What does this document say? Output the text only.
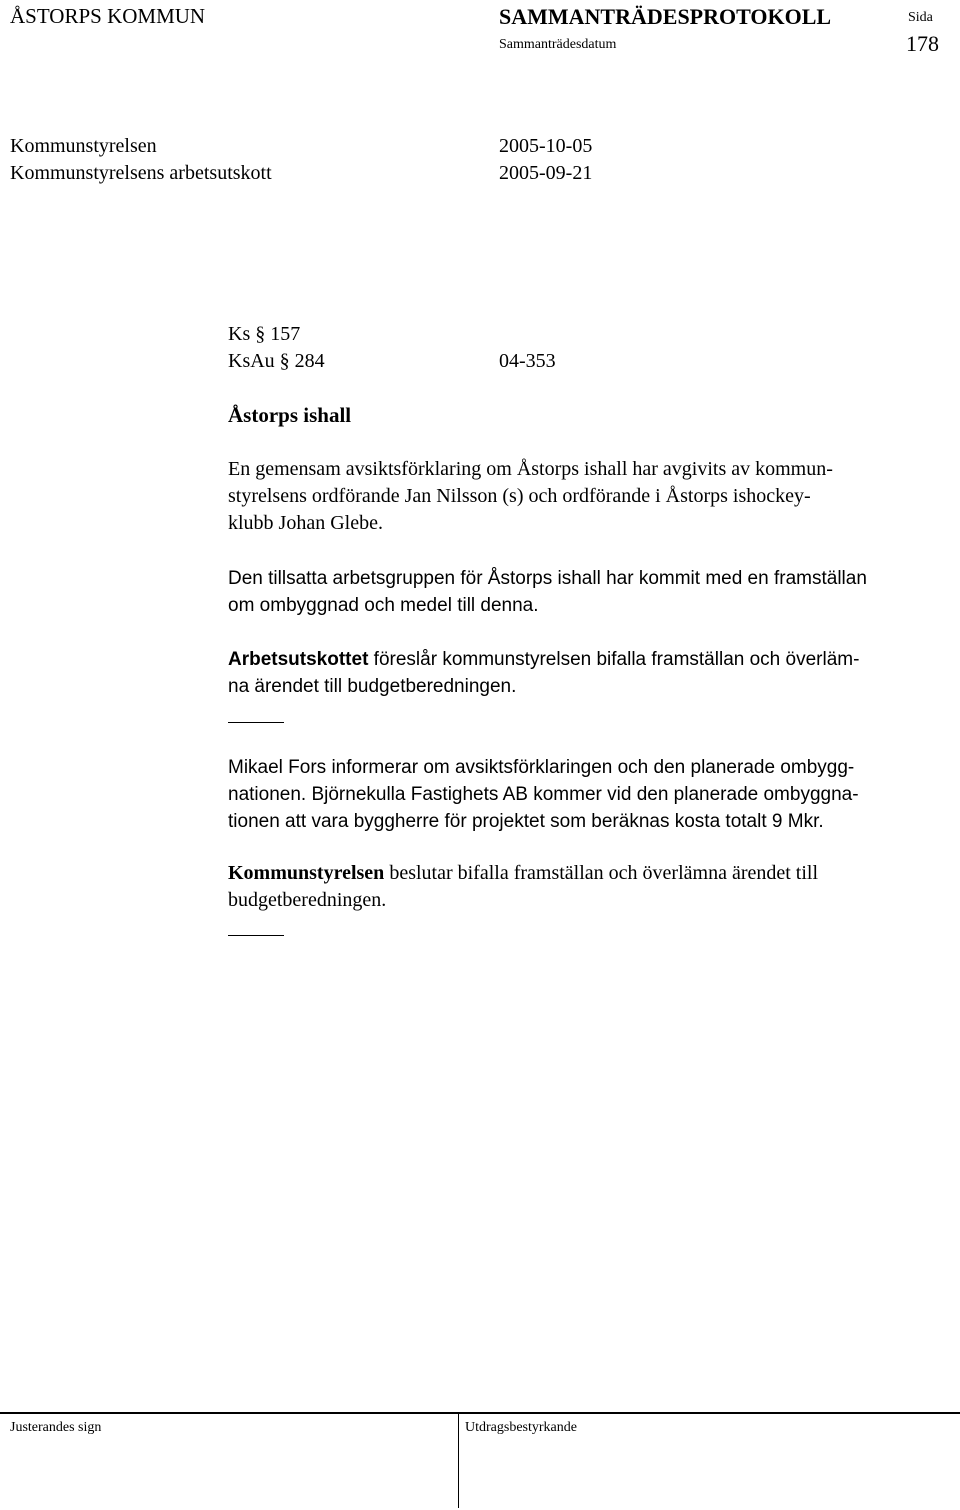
ÅSTORPS KOMMUN	SAMMANTRÄDESPROTOKOLL	Sida
Sammanträdesdatum	178
Kommunstyrelsen	2005-10-05
Kommunstyrelsens arbetsutskott	2005-09-21
Ks § 157
KsAu § 284	04-353
Åstorps ishall
En gemensam avsiktsförklaring om Åstorps ishall har avgivits av kommun-
styrelsens ordförande Jan Nilsson (s) och ordförande i Åstorps ishockey-
klubb Johan Glebe.
Den tillsatta arbetsgruppen för Åstorps ishall har kommit med en framställan
om ombyggnad och medel till denna.
Arbetsutskottet föreslår kommunstyrelsen bifalla framställan och överläm-
na ärendet till budgetberedningen.
Mikael Fors informerar om avsiktsförklaringen och den planerade ombygg-
nationen. Björnekulla Fastighets AB kommer vid den planerade ombyggna-
tionen att vara byggherre för projektet som beräknas kosta totalt 9 Mkr.
Kommunstyrelsen beslutar bifalla framställan och överlämna ärendet till
budgetberedningen.
Justerandes sign	Utdragsbestyrkande
